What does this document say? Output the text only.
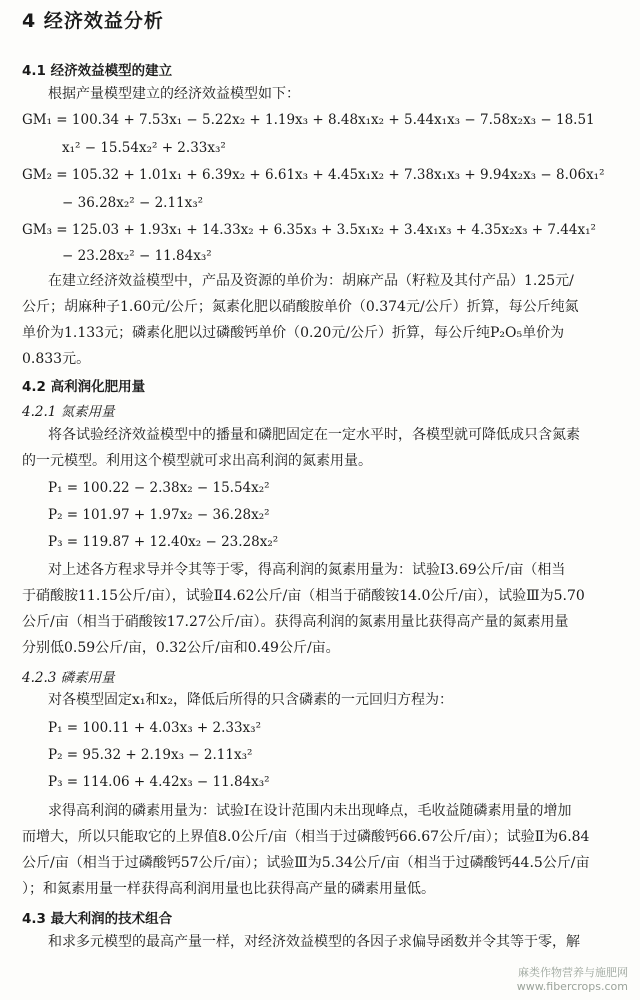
4 经济效益分析
4.1 经济效益模型的建立
根据产量模型建立的经济效益模型如下：
GM₁ = 100.34 + 7.53x₁ − 5.22x₂ + 1.19x₃ + 8.48x₁x₂ + 5.44x₁x₃ − 7.58x₂x₃ − 18.51
x₁² − 15.54x₂² + 2.33x₃²
GM₂ = 105.32 + 1.01x₁ + 6.39x₂ + 6.61x₃ + 4.45x₁x₂ + 7.38x₁x₃ + 9.94x₂x₃ − 8.06x₁²
− 36.28x₂² − 2.11x₃²
GM₃ = 125.03 + 1.93x₁ + 14.33x₂ + 6.35x₃ + 3.5x₁x₂ + 3.4x₁x₃ + 4.35x₂x₃ + 7.44x₁²
− 23.28x₂² − 11.84x₃²
在建立经济效益模型中，产品及资源的单价为：胡麻产品（籽粒及其付产品）1.25元/
公斤；胡麻种子1.60元/公斤；氮素化肥以硝酸胺单价（0.374元/公斤）折算，每公斤纯氮
单价为1.133元；磷素化肥以过磷酸钙单价（0.20元/公斤）折算，每公斤纯P₂O₅单价为
0.833元。
4.2 高利润化肥用量
4.2.1 氮素用量
将各试验经济效益模型中的播量和磷肥固定在一定水平时，各模型就可降低成只含氮素
的一元模型。利用这个模型就可求出高利润的氮素用量。
P₁ = 100.22 − 2.38x₂ − 15.54x₂²
P₂ = 101.97 + 1.97x₂ − 36.28x₂²
P₃ = 119.87 + 12.40x₂ − 23.28x₂²
对上述各方程求导并令其等于零，得高利润的氮素用量为：试验Ⅰ3.69公斤/亩（相当
于硝酸胺11.15公斤/亩），试验Ⅱ4.62公斤/亩（相当于硝酸铵14.0公斤/亩），试验Ⅲ为5.70
公斤/亩（相当于硝酸铵17.27公斤/亩）。获得高利润的氮素用量比获得高产量的氮素用量
分别低0.59公斤/亩，0.32公斤/亩和0.49公斤/亩。
4.2.3 磷素用量
对各模型固定x₁和x₂，降低后所得的只含磷素的一元回归方程为：
P₁ = 100.11 + 4.03x₃ + 2.33x₃²
P₂ = 95.32 + 2.19x₃ − 2.11x₃²
P₃ = 114.06 + 4.42x₃ − 11.84x₃²
求得高利润的磷素用量为：试验Ⅰ在设计范围内未出现峰点，毛收益随磷素用量的增加
而增大，所以只能取它的上界值8.0公斤/亩（相当于过磷酸钙66.67公斤/亩）；试验Ⅱ为6.84
公斤/亩（相当于过磷酸钙57公斤/亩）；试验Ⅲ为5.34公斤/亩（相当于过磷酸钙44.5公斤/亩
）；和氮素用量一样获得高利润用量也比获得高产量的磷素用量低。
4.3 最大利润的技术组合
和求多元模型的最高产量一样，对经济效益模型的各因子求偏导函数并令其等于零，解
麻类作物营养与施肥网
www.fibercrops.com
